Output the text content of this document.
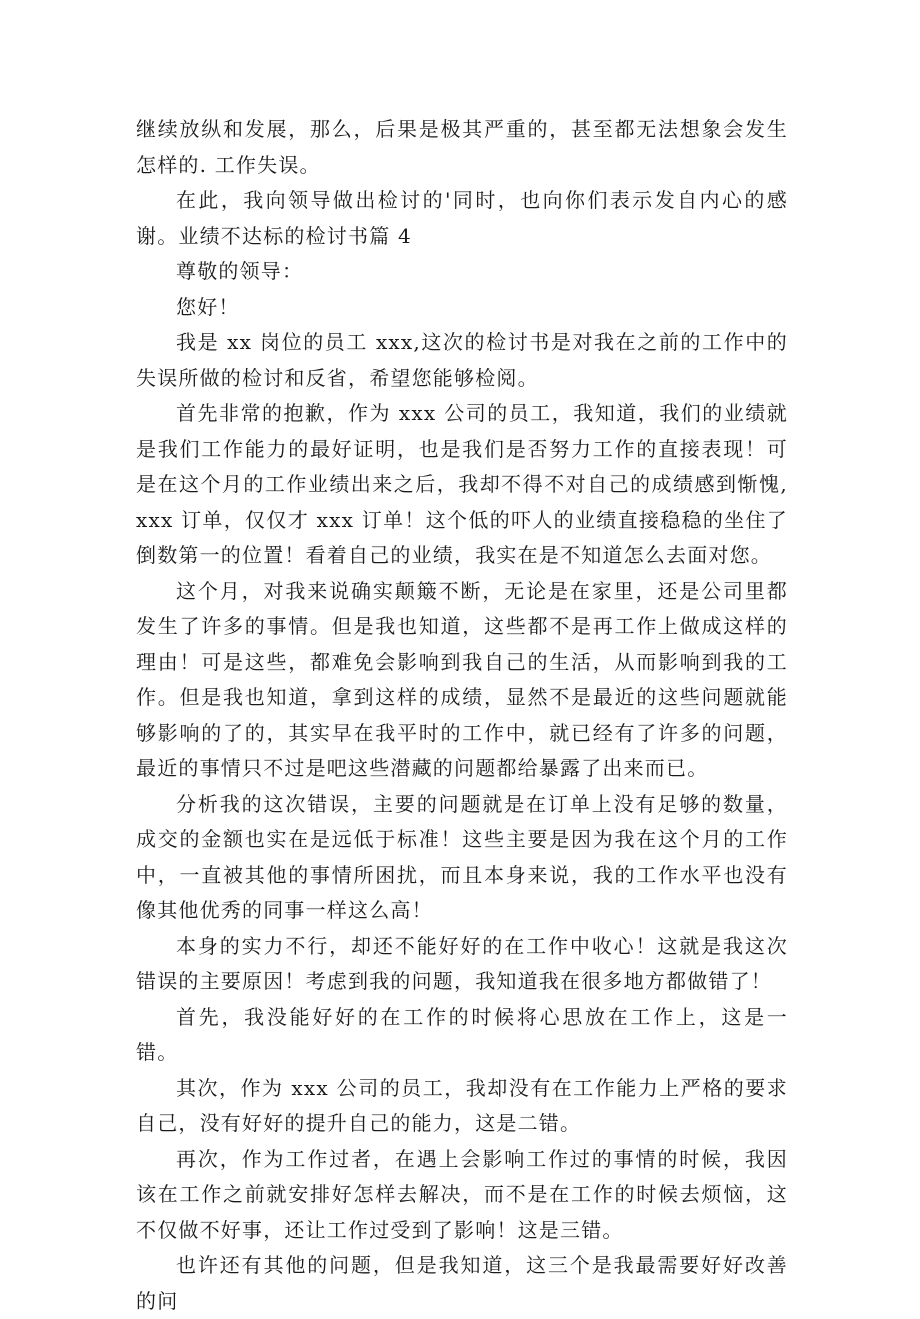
继续放纵和发展，那么，后果是极其严重的，甚至都无法想象会发生怎样的. 工作失误。

在此，我向领导做出检讨的'同时，也向你们表示发自内心的感谢。业绩不达标的检讨书篇 4

尊敬的领导：

您好！

我是 xx 岗位的员工 xxx,这次的检讨书是对我在之前的工作中的失误所做的检讨和反省，希望您能够检阅。

首先非常的抱歉，作为 xxx 公司的员工，我知道，我们的业绩就是我们工作能力的最好证明，也是我们是否努力工作的直接表现！可是在这个月的工作业绩出来之后，我却不得不对自己的成绩感到惭愧, xxx 订单，仅仅才 xxx 订单！这个低的吓人的业绩直接稳稳的坐住了倒数第一的位置！看着自己的业绩，我实在是不知道怎么去面对您。

这个月，对我来说确实颠簸不断，无论是在家里，还是公司里都发生了许多的事情。但是我也知道，这些都不是再工作上做成这样的理由！可是这些，都难免会影响到我自己的生活，从而影响到我的工作。但是我也知道，拿到这样的成绩，显然不是最近的这些问题就能够影响的了的，其实早在我平时的工作中，就已经有了许多的问题，最近的事情只不过是吧这些潜藏的问题都给暴露了出来而已。

分析我的这次错误，主要的问题就是在订单上没有足够的数量，成交的金额也实在是远低于标准！这些主要是因为我在这个月的工作中，一直被其他的事情所困扰，而且本身来说，我的工作水平也没有像其他优秀的同事一样这么高！

本身的实力不行，却还不能好好的在工作中收心！这就是我这次错误的主要原因！考虑到我的问题，我知道我在很多地方都做错了！

首先，我没能好好的在工作的时候将心思放在工作上，这是一错。

其次，作为 xxx 公司的员工，我却没有在工作能力上严格的要求自己，没有好好的提升自己的能力，这是二错。

再次，作为工作过者，在遇上会影响工作过的事情的时候，我因该在工作之前就安排好怎样去解决，而不是在工作的时候去烦恼，这不仅做不好事，还让工作过受到了影响！这是三错。

也许还有其他的问题，但是我知道，这三个是我最需要好好改善的问
